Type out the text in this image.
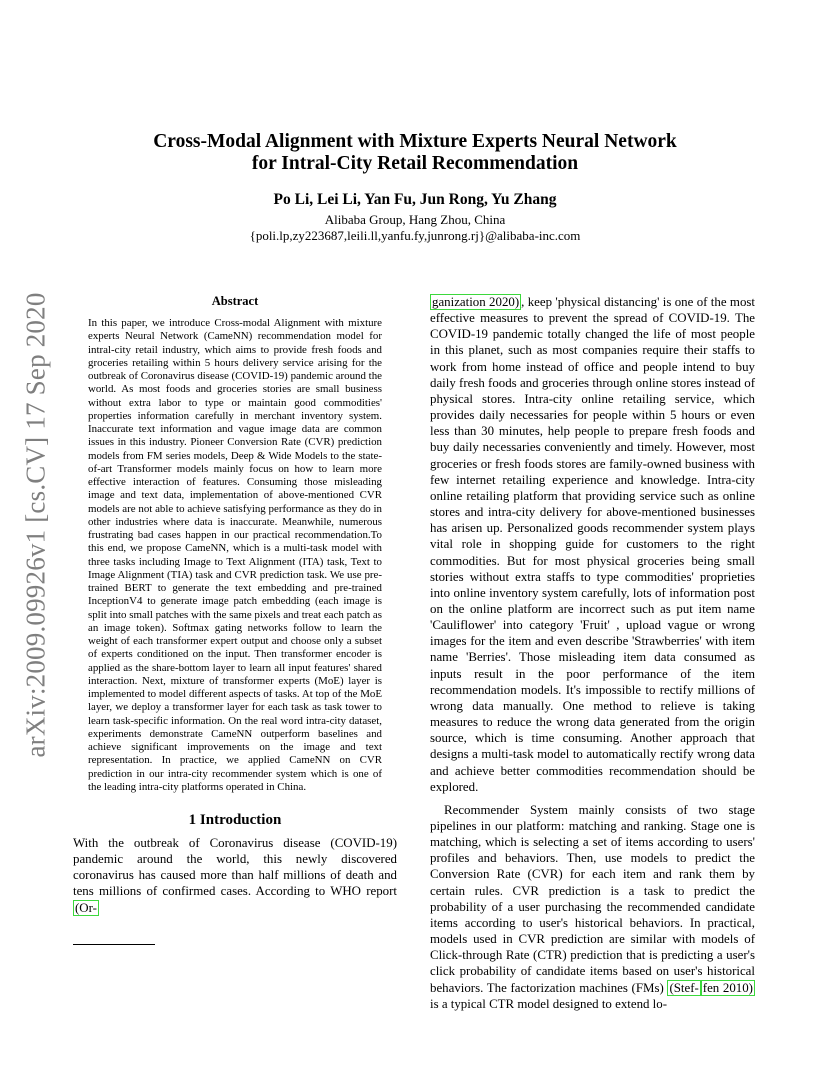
arXiv:2009.09926v1 [cs.CV] 17 Sep 2020
Cross-Modal Alignment with Mixture Experts Neural Network
for Intral-City Retail Recommendation
Po Li, Lei Li, Yan Fu, Jun Rong, Yu Zhang
Alibaba Group, Hang Zhou, China
{poli.lp,zy223687,leili.ll,yanfu.fy,junrong.rj}@alibaba-inc.com
Abstract

In this paper, we introduce Cross-modal Alignment with mixture experts Neural Network (CameNN) recommendation model for intral-city retail industry, which aims to provide fresh foods and groceries retailing within 5 hours delivery service arising for the outbreak of Coronavirus disease (COVID-19) pandemic around the world. As most foods and groceries stories are small business without extra labor to type or maintain good commodities' properties information carefully in merchant inventory system. Inaccurate text information and vague image data are common issues in this industry. Pioneer Conversion Rate (CVR) prediction models from FM series models, Deep & Wide Models to the state-of-art Transformer models mainly focus on how to learn more effective interaction of features. Consuming those misleading image and text data, implementation of above-mentioned CVR models are not able to achieve satisfying performance as they do in other industries where data is inaccurate. Meanwhile, numerous frustrating bad cases happen in our practical recommendation.To this end, we propose CameNN, which is a multi-task model with three tasks including Image to Text Alignment (ITA) task, Text to Image Alignment (TIA) task and CVR prediction task. We use pre-trained BERT to generate the text embedding and pre-trained InceptionV4 to generate image patch embedding (each image is split into small patches with the same pixels and treat each patch as an image token). Softmax gating networks follow to learn the weight of each transformer expert output and choose only a subset of experts conditioned on the input. Then transformer encoder is applied as the share-bottom layer to learn all input features' shared interaction. Next, mixture of transformer experts (MoE) layer is implemented to model different aspects of tasks. At top of the MoE layer, we deploy a transformer layer for each task as task tower to learn task-specific information. On the real word intra-city dataset, experiments demonstrate CameNN outperform baselines and achieve significant improvements on the image and text representation. In practice, we applied CameNN on CVR prediction in our intra-city recommender system which is one of the leading intra-city platforms operated in China.

1 Introduction

With the outbreak of Coronavirus disease (COVID-19) pandemic around the world, this newly discovered coronavirus has caused more than half millions of death and tens millions of confirmed cases. According to WHO report (Or-

ganization 2020) , keep 'physical distancing' is one of the most effective measures to prevent the spread of COVID-19. The COVID-19 pandemic totally changed the life of most people in this planet, such as most companies require their staffs to work from home instead of office and people intend to buy daily fresh foods and groceries through online stores instead of physical stores. Intra-city online retailing service, which provides daily necessaries for people within 5 hours or even less than 30 minutes, help people to prepare fresh foods and buy daily necessaries conveniently and timely. However, most groceries or fresh foods stores are family-owned business with few internet retailing experience and knowledge. Intra-city online retailing platform that providing service such as online stores and intra-city delivery for above-mentioned businesses has arisen up. Personalized goods recommender system plays vital role in shopping guide for customers to the right commodities. But for most physical groceries being small stories without extra staffs to type commodities' proprieties into online inventory system carefully, lots of information post on the online platform are incorrect such as put item name 'Cauliflower' into category 'Fruit' , upload vague or wrong images for the item and even describe 'Strawberries' with item name 'Berries'. Those misleading item data consumed as inputs result in the poor performance of the item recommendation models. It's impossible to rectify millions of wrong data manually. One method to relieve is taking measures to reduce the wrong data generated from the origin source, which is time consuming. Another approach that designs a multi-task model to automatically rectify wrong data and achieve better commodities recommendation should be explored.

Recommender System mainly consists of two stage pipelines in our platform: matching and ranking. Stage one is matching, which is selecting a set of items according to users' profiles and behaviors. Then, use models to predict the Conversion Rate (CVR) for each item and rank them by certain rules. CVR prediction is a task to predict the probability of a user purchasing the recommended candidate items according to user's historical behaviors. In practical, models used in CVR prediction are similar with models of Click-through Rate (CTR) prediction that is predicting a user's click probability of candidate items based on user's historical behaviors. The factorization machines (FMs) (Stef- fen 2010) is a typical CTR model designed to extend lo-
